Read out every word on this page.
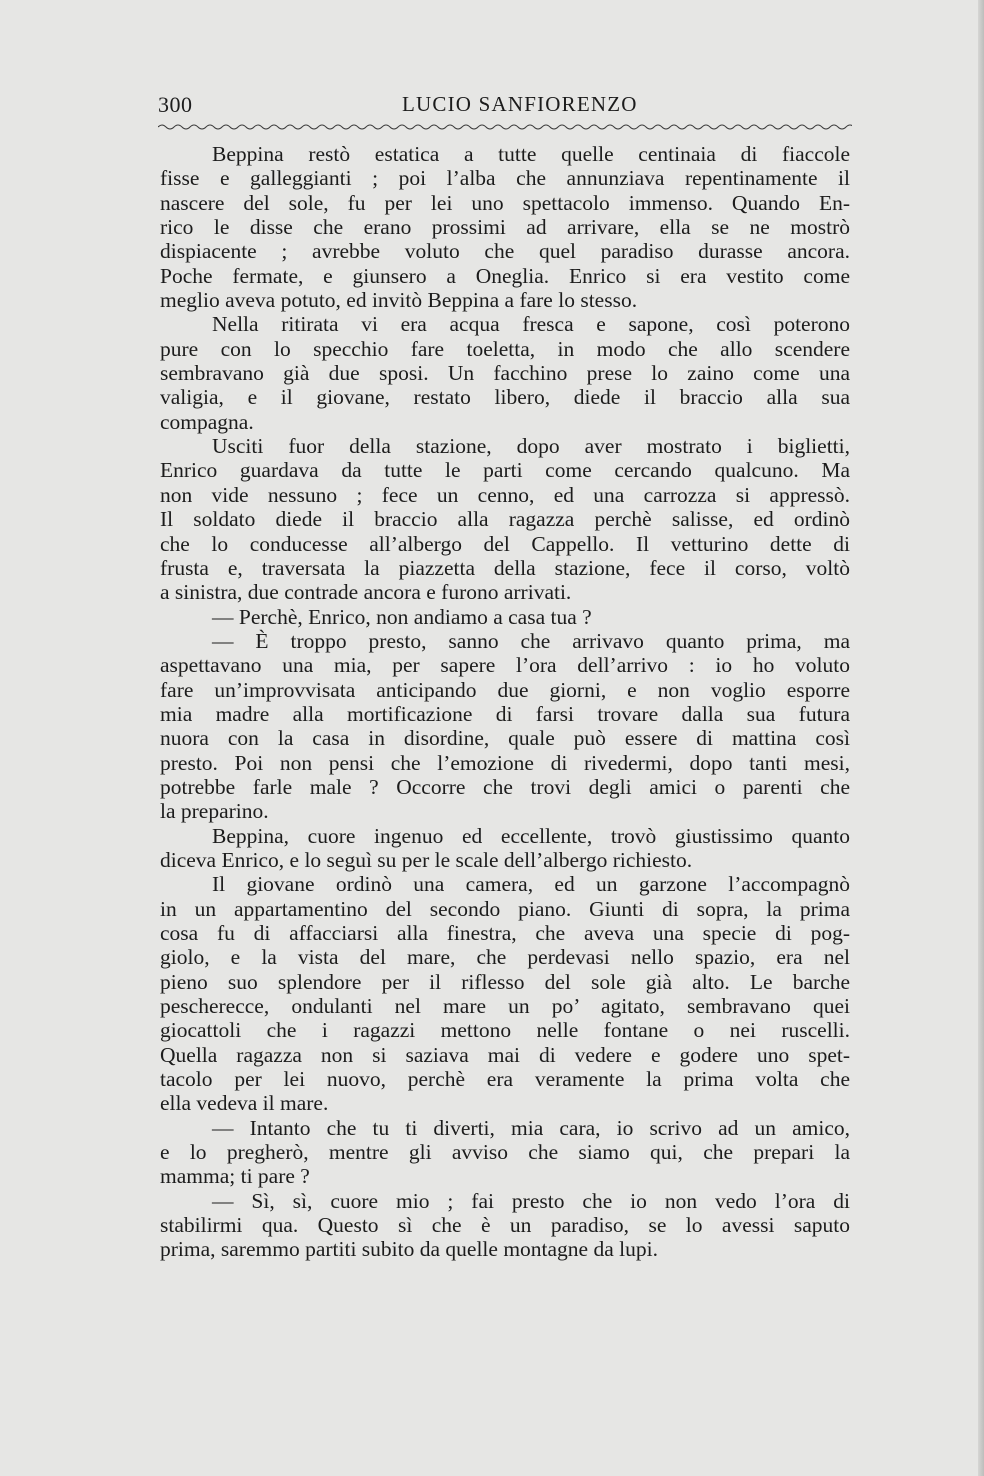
300	LUCIO SANFIORENZO
Beppina restò estatica a tutte quelle centinaia di fiaccole
fisse e galleggianti ; poi l’alba che annunziava repentinamente il
nascere del sole, fu per lei uno spettacolo immenso. Quando En-
rico le disse che erano prossimi ad arrivare, ella se ne mostrò
dispiacente ; avrebbe voluto che quel paradiso durasse ancora.
Poche fermate, e giunsero a Oneglia. Enrico si era vestito come
meglio aveva potuto, ed invitò Beppina a fare lo stesso.
Nella ritirata vi era acqua fresca e sapone, così poterono
pure con lo specchio fare toeletta, in modo che allo scendere
sembravano già due sposi. Un facchino prese lo zaino come una
valigia, e il giovane, restato libero, diede il braccio alla sua
compagna.
Usciti fuor della stazione, dopo aver mostrato i biglietti,
Enrico guardava da tutte le parti come cercando qualcuno. Ma
non vide nessuno ; fece un cenno, ed una carrozza si appressò.
Il soldato diede il braccio alla ragazza perchè salisse, ed ordinò
che lo conducesse all’albergo del Cappello. Il vetturino dette di
frusta e, traversata la piazzetta della stazione, fece il corso, voltò
a sinistra, due contrade ancora e furono arrivati.
— Perchè, Enrico, non andiamo a casa tua ?
— È troppo presto, sanno che arrivavo quanto prima, ma
aspettavano una mia, per sapere l’ora dell’arrivo : io ho voluto
fare un’improvvisata anticipando due giorni, e non voglio esporre
mia madre alla mortificazione di farsi trovare dalla sua futura
nuora con la casa in disordine, quale può essere di mattina così
presto. Poi non pensi che l’emozione di rivedermi, dopo tanti mesi,
potrebbe farle male ? Occorre che trovi degli amici o parenti che
la preparino.
Beppina, cuore ingenuo ed eccellente, trovò giustissimo quanto
diceva Enrico, e lo seguì su per le scale dell’albergo richiesto.
Il giovane ordinò una camera, ed un garzone l’accompagnò
in un appartamentino del secondo piano. Giunti di sopra, la prima
cosa fu di affacciarsi alla finestra, che aveva una specie di pog-
giolo, e la vista del mare, che perdevasi nello spazio, era nel
pieno suo splendore per il riflesso del sole già alto. Le barche
pescherecce, ondulanti nel mare un po’ agitato, sembravano quei
giocattoli che i ragazzi mettono nelle fontane o nei ruscelli.
Quella ragazza non si saziava mai di vedere e godere uno spet-
tacolo per lei nuovo, perchè era veramente la prima volta che
ella vedeva il mare.
— Intanto che tu ti diverti, mia cara, io scrivo ad un amico,
e lo pregherò, mentre gli avviso che siamo qui, che prepari la
mamma; ti pare ?
— Sì, sì, cuore mio ; fai presto che io non vedo l’ora di
stabilirmi qua. Questo sì che è un paradiso, se lo avessi saputo
prima, saremmo partiti subito da quelle montagne da lupi.
